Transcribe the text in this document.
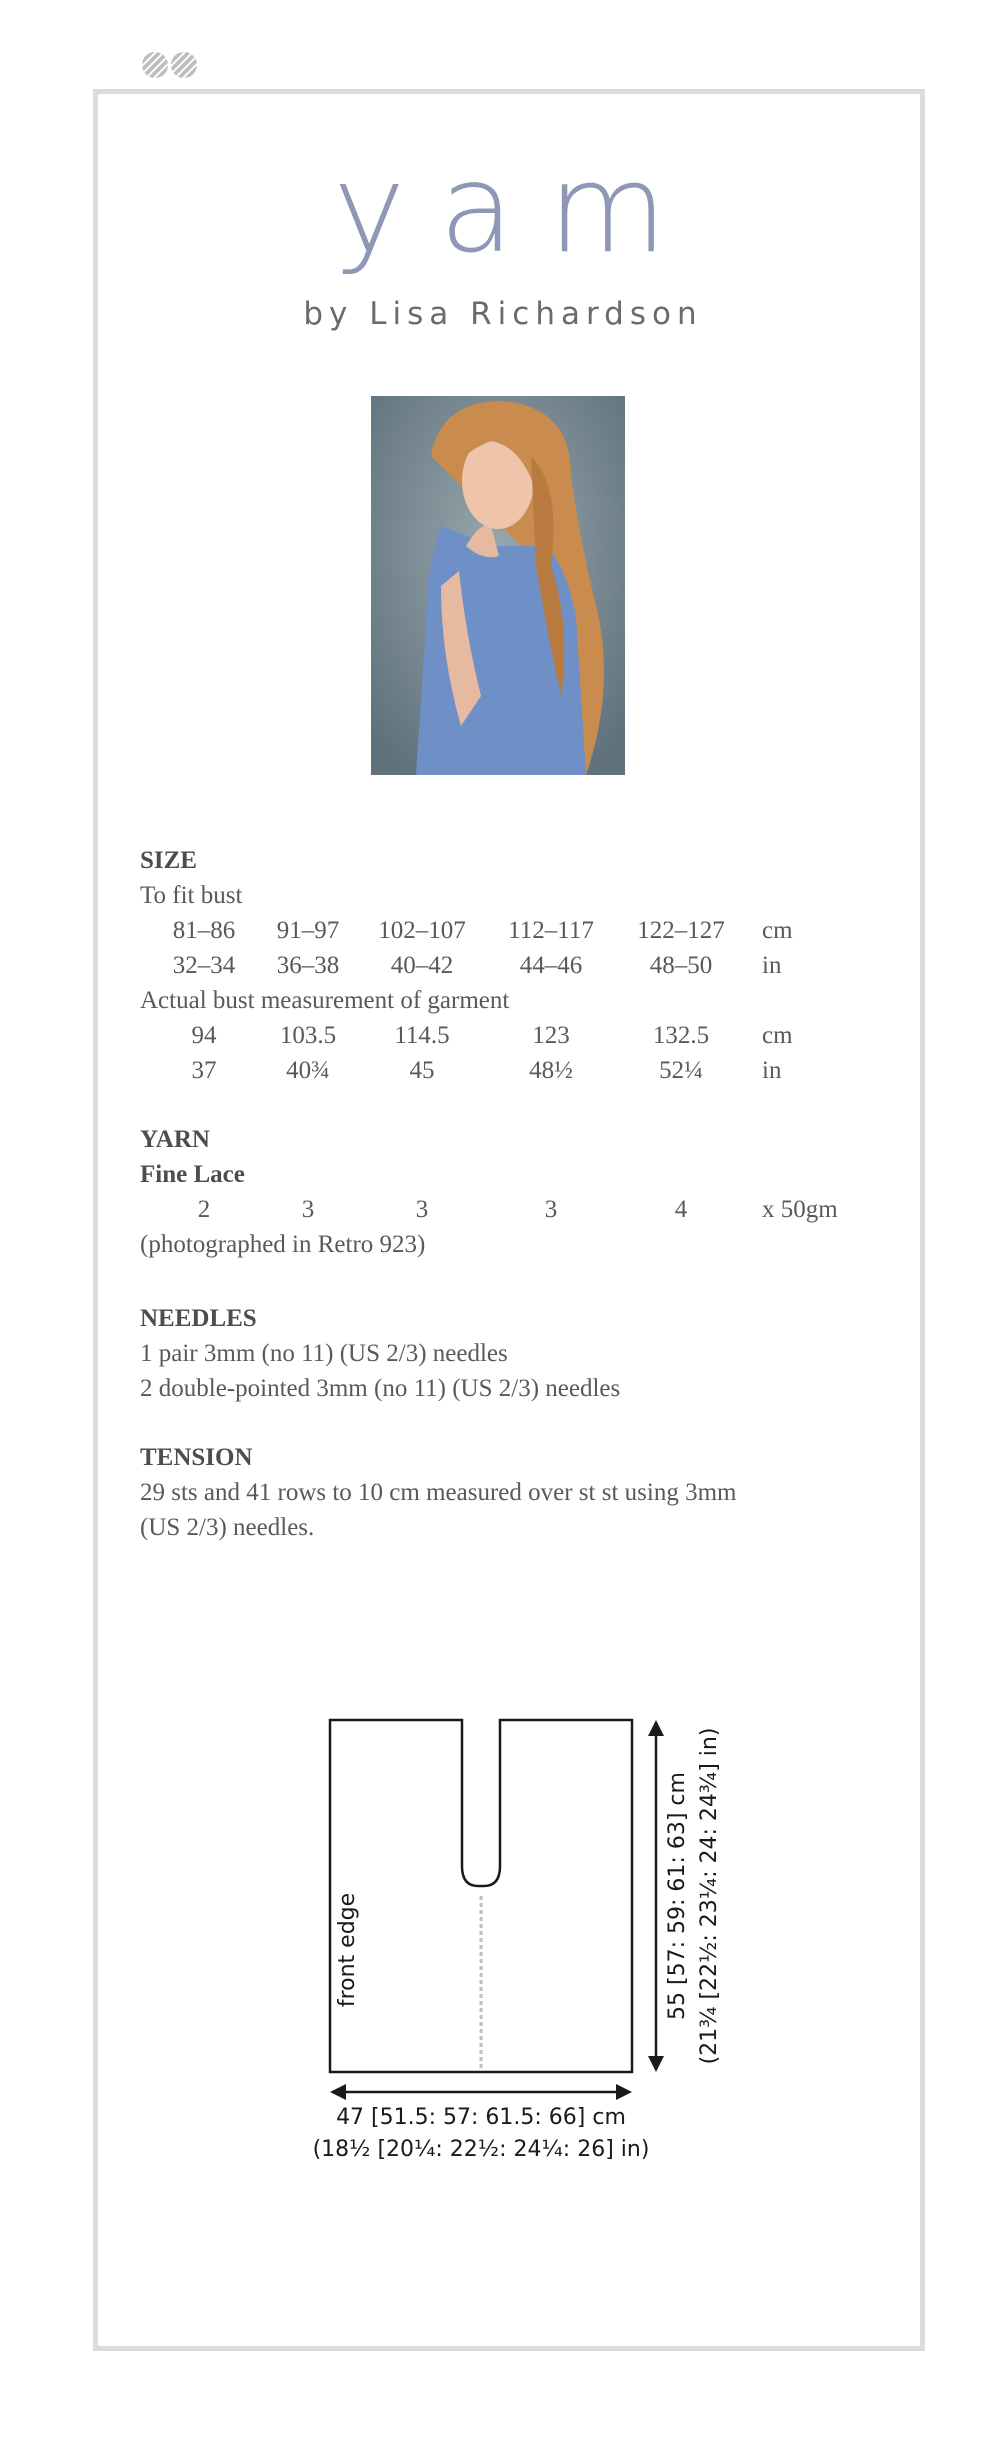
yam
by Lisa Richardson
SIZE
To fit bust
81–86	91–97	102–107	112–117	122–127	cm
32–34	36–38	40–42	44–46	48–50	in
Actual bust measurement of garment
94	103.5	114.5	123	132.5	cm
37	40¾	45	48½	52¼	in
YARN
Fine Lace
2	3	3	3	4	x 50gm
(photographed in Retro 923)
NEEDLES
1 pair 3mm (no 11) (US 2/3) needles
2 double-pointed 3mm (no 11) (US 2/3) needles
TENSION
29 sts and 41 rows to 10 cm measured over st st using 3mm
(US 2/3) needles.
front edge	55 [57: 59: 61: 63] cm (21¾ [22½: 23¼: 24: 24¾] in)
47 [51.5: 57: 61.5: 66] cm
(18½ [20¼: 22½: 24¼: 26] in)
